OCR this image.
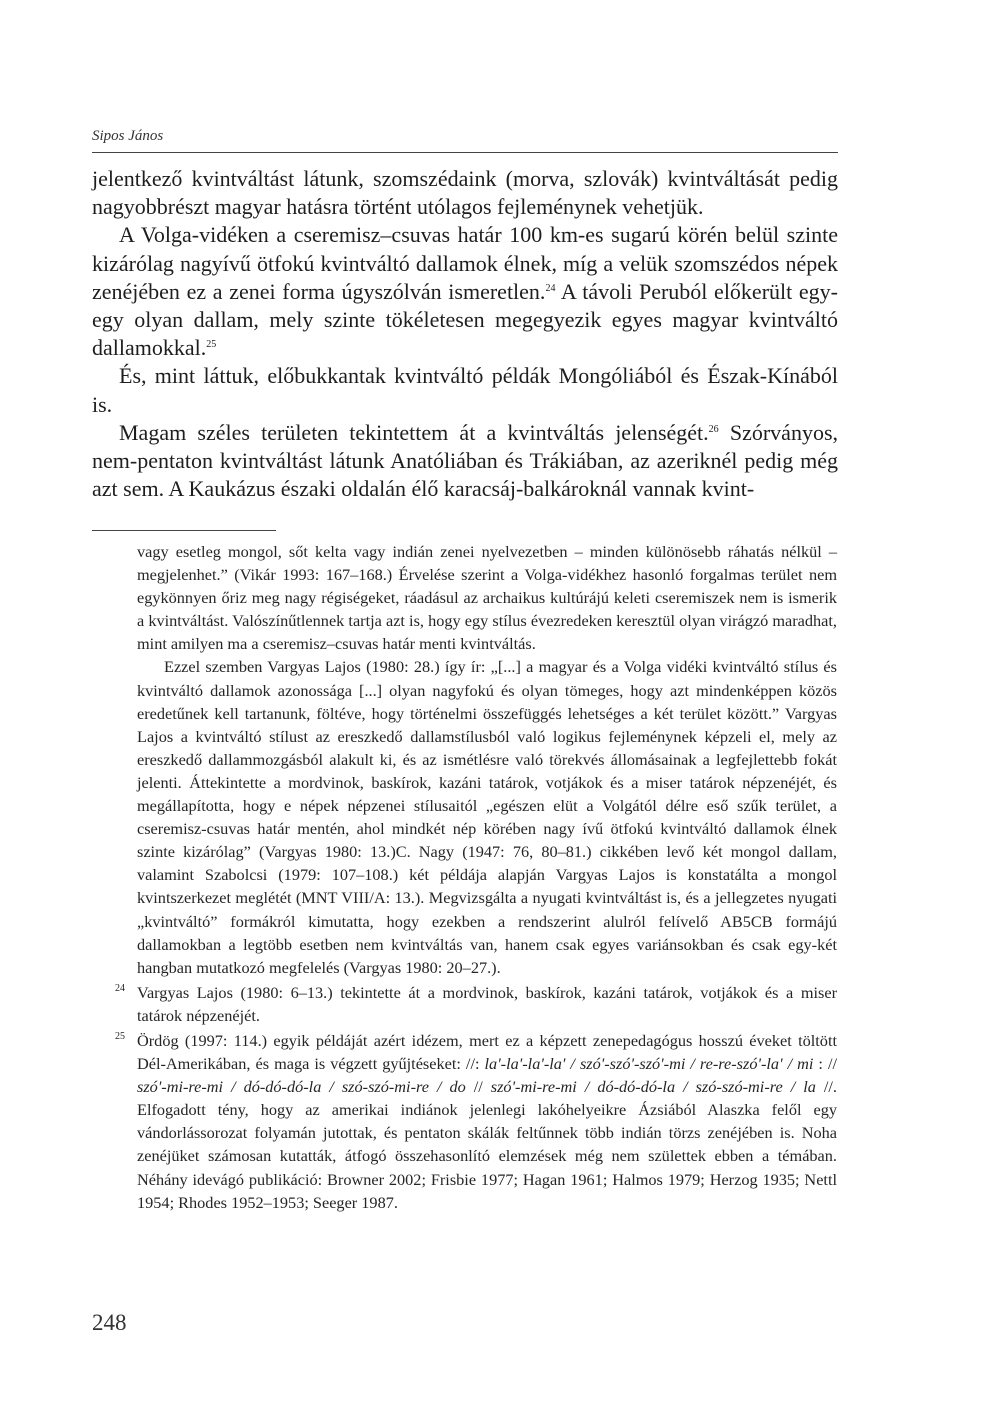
Sipos János

jelentkező kvintváltást látunk, szomszédaink (morva, szlovák) kvintváltását pedig nagyobbrészt magyar hatásra történt utólagos fejleménynek vehetjük.

A Volga-vidéken a cseremisz–csuvas határ 100 km-es sugarú körén belül szinte kizárólag nagyívű ötfokú kvintváltó dallamok élnek, míg a velük szomszédos népek zenéjében ez a zenei forma úgyszólván ismeretlen.$^{24}$ A távoli Peruból előkerült egy-egy olyan dallam, mely szinte tökéletesen megegyezik egyes magyar kvintváltó dallamokkal.$^{25}$

És, mint láttuk, előbukkantak kvintváltó példák Mongóliából és Észak-Kínából is.

Magam széles területen tekintettem át a kvintváltás jelenségét.$^{26}$ Szórványos, nem-pentaton kvintváltást látunk Anatóliában és Trákiában, az azeriknél pedig még azt sem. A Kaukázus északi oldalán élő karacsáj-balkároknál vannak kvint-

vagy esetleg mongol, sőt kelta vagy indián zenei nyelvezetben – minden különösebb ráhatás nélkül – megjelenhet.” (Vikár 1993: 167–168.) Érvelése szerint a Volga-vidékhez hasonló forgalmas terület nem egykönnyen őriz meg nagy régiségeket, ráadásul az archaikus kultúrájú keleti cseremiszek nem is ismerik a kvintváltást. Valószínűtlennek tartja azt is, hogy egy stílus évezredeken keresztül olyan virágzó maradhat, mint amilyen ma a cseremisz–csuvas határ menti kvintváltás.

Ezzel szemben Vargyas Lajos (1980: 28.) így ír: „[...] a magyar és a Volga vidéki kvintváltó stílus és kvintváltó dallamok azonossága [...] olyan nagyfokú és olyan tömeges, hogy azt mindenképpen közös eredetűnek kell tartanunk, föltéve, hogy történelmi összefüggés lehetséges a két terület között.” Vargyas Lajos a kvintváltó stílust az ereszkedő dallamstílusból való logikus fejleménynek képzeli el, mely az ereszkedő dallammozgásból alakult ki, és az ismétlésre való törekvés állomásainak a legfejlettebb fokát jelenti. Áttekintette a mordvinok, baskírok, kazáni tatárok, votjákok és a miser tatárok népzenéjét, és megállapította, hogy e népek népzenei stílusaitól „egészen elüt a Volgától délre eső szűk terület, a cseremisz-csuvas határ mentén, ahol mindkét nép körében nagy ívű ötfokú kvintváltó dallamok élnek szinte kizárólag” (Vargyas 1980: 13.)C. Nagy (1947: 76, 80–81.) cikkében levő két mongol dallam, valamint Szabolcsi (1979: 107–108.) két példája alapján Vargyas Lajos is konstatálta a mongol kvintszerkezet meglétét (MNT VIII/A: 13.). Megvizsgálta a nyugati kvintváltást is, és a jellegzetes nyugati „kvintváltó” formákról kimutatta, hogy ezekben a rendszerint alulról felívelő AB5CB formájú dallamokban a legtöbb esetben nem kvintváltás van, hanem csak egyes variánsokban és csak egy-két hangban mutatkozó megfelelés (Vargyas 1980: 20–27.).

24 Vargyas Lajos (1980: 6–13.) tekintette át a mordvinok, baskírok, kazáni tatárok, votjákok és a miser tatárok népzenéjét.

25 Ördög (1997: 114.) egyik példáját azért idézem, mert ez a képzett zenepedagógus hosszú éveket töltött Dél-Amerikában, és maga is végzett gyűjtéseket: //: la'-la'-la'-la' / szó'-szó'-szó'-mi / re-re-szó'-la' / mi : // szó'-mi-re-mi / dó-dó-dó-la / szó-szó-mi-re / do // szó'-mi-re-mi / dó-dó-dó-la / szó-szó-mi-re / la //. Elfogadott tény, hogy az amerikai indiánok jelenlegi lakóhelyeikre Ázsiából Alaszka felől egy vándorlássorozat folyamán jutottak, és pentaton skálák feltűnnek több indián törzs zenéjében is. Noha zenéjüket számosan kutatták, átfogó összehasonlító elemzések még nem születtek ebben a témában. Néhány idevágó publikáció: Browner 2002; Frisbie 1977; Hagan 1961; Halmos 1979; Herzog 1935; Nettl 1954; Rhodes 1952–1953; Seeger 1987.

248
